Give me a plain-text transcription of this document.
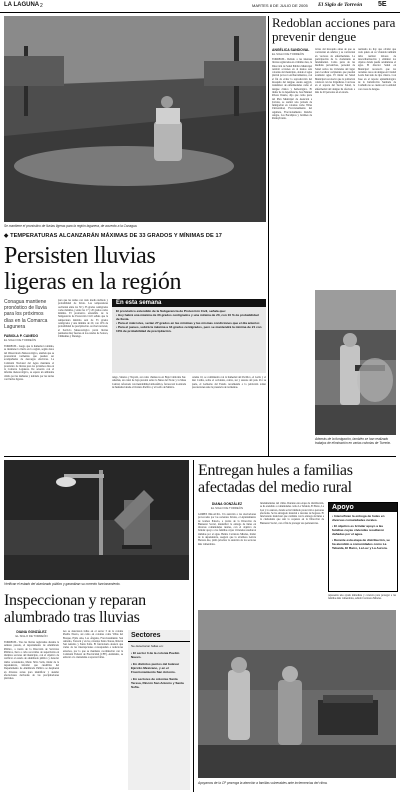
LA LAGUNA 2	MARTES 8 DE JULIO DE 2005 El Siglo de Torreón 5E
Se mantiene el pronóstico de lluvias ligeras para la región lagunera, de acuerdo a la Conagua.
◆ TEMPERATURAS ALCANZARÁN MÁXIMAS DE 33 GRADOS Y MÍNIMAS DE 17
Persisten lluvias
ligeras en la región
Conagua mantiene pronóstico de lluvia para los próximos días en la Comarca Lagunera
FABIOLA P. CANEDO
EL SIGLO DE TORREÓN
TORREÓN.- Luego que la humedad continúa, se mantiene la lluvia en la región, según datos del Observatorio Meteorológico, además que se pronostican tormentas que pueden ser acompañadas de descargas eléctricas. La Comisión Nacional del Agua mantiene el pronóstico de lluvias para los próximos días en la Comarca Lagunera. De acuerdo con el informe meteorológico, se espera un ambiente cálido por las mañanas y nublado por las tardes con lluvias ligeras.
para que las tardes con cielo medio nublado y probabilidad de lluvia. Las temperaturas oscilarían entre los 30 y 33 grados centígrados como máxima, y entre los 17 y 20 grados como mínima. El pronóstico extendido de la Subgerencia de Protección Civil señala que la temperatura máxima será de 33 grados centígrados y una mínima de 20, con 10% de probabilidad de precipitación. A nivel nacional, el Servicio Meteorológico prevé lluvias puntuales muy fuertes en los estados de Sonora, Chihuahua y Durango.
En esta semana
El pronóstico extendido de la Subgerencia de Protección Civil, señala que:
• Hoy habrá una máxima de 33 grados centígrados y una mínima de 20, con 10 % de probabilidad de lluvia.
• Para el miércoles, serían 27 grados en las mínimas y las mismas condiciones que el día anterior.
• Para el jueves, subirá la máxima a 34 grados centígrados, pero se mantendrá la mínima de 21 con 10% de probabilidad de precipitación.
rango, Sinaloa y Nayarit, así como chubascos en Baja California Sur. Además, un canal de baja presión sobre la Mesa del Norte y la Mesa Central, reforzado con inestabilidad atmosférica, favorecerá la entrada de humedad desde el Océano Pacífico y el Golfo de México.
oriente 10, se combinarán con la humedad del Pacífico, el Golfo y el mar Caribe, sobre el occidente, centro, sur y sureste del país. Por su parte, el Gobierno del Estado recomienda a la población tomar precauciones ante la presencia de tormentas.
Redoblan acciones para prevenir dengue
ANGÉLICA SANDOVAL
EL SIGLO DE TORREÓN
TORREÓN.- Debido a las intensas lluvias registradas en el último mes, la Dirección de Salud Pública Municipal redobló acciones en al menos seis colonias del municipio, donde el agua pluvial provocó encharcamientos, con el fin de evitar la reproducción del mosquito del dengue. Aedes aegypti, transmisor de enfermedades como el dengue clásico y hemorrágico. El titular de la dependencia, José Manuel Rivero Duarte, dijo que como parte del Plan Municipal de Atención a Lluvias, se realizó una jornada de fumigación en colonias como Villas Universidad, Fraccionamiento del Aguilera, Fraccionamiento Rancho Alegre, Los Eucaliptos y Jardines de Pennsylvania.
larvas del mosquito antes de que se conviertan en adultos y se conviertan en vectores de enfermedades. La participación de la ciudadanía es fundamental. Como parte de las medidas preventivas, personal de Salud revisa las viviendas del lugar para localizar recipientes que puedan acumular agua. El titular de Salud Municipal reconoció que la población colaboró con los brigadistas. Con base en el reporte del Sector Salud, la enfermedad del dengue ha afectado a más de 20 personas en el estado.
realizada no hay que olvidar que cada quien en su vivienda también debe realizar labores de descacharrización y eliminar los objetos donde pueda acumularse el agua. El director Salud en Municipal reconoció que los recientes casos de dengue en Ciudad Lerdo han sido de tipo clásico. Con base en el reporte epidemiológico de la Jurisdicción Sanitaria de Coahuila no se cuenta en la entidad con casos de dengue.
Además de la fumigación, también se han realizado trabajos de eliminación en varias colonias de Torreón.
Verifican el estado del alumbrado público y garantizan su correcto funcionamiento.
Inspeccionan y reparan
alumbrado tras lluvias
DIANA GONZÁLEZ
EL SIGLO DE TORREÓN
TORREÓN.- Tras las lluvias registradas durante la semana pasada, el departamento de Alumbrado Público, a través de la Dirección de Servicios Públicos, lleva a cabo recorridos de supervisión en distintos sectores del municipio, con el objetivo de verificar el estado de alumbrado público y detectar daños ocasionados. Mario Silva Solís, titular de la dependencia, informó que cuadrillas del Departamento de Alumbrado Público se desplazan en diversas zonas para identificar y atender afectaciones derivadas de las precipitaciones pluviales.
nes se detectaron fallas en el sector 3 de la colonia Pueblo Nuevo, así como en colonias como Villas del Bosque, Ejido Ana, Los Ángeles, Fraccionamiento San Antonio, Torreón y en las colonias Santa Teresa, Rincón San Antonio y Santa Sofía. El funcionario destacó que varias de las interrupciones corresponden a reductores externos, por lo que se mantiene coordinación con la Comisión Federal de Electricidad (CFE). Asimismo, se exhortó a la ciudadanía a reportar fallas.
Sectores
Se detectaron fallas en:
• El sector 3 de la colonia Pueblo Nuevo.
• En distintos puntos del bulevar Ejército Mexicano, y en el Fraccionamiento San Antonio.
• En sectores de colonias Santa Teresa, Rincón San Antonio y Santa Sofía.
Entregan hules a familias
afectadas del medio rural
DIANA GONZÁLEZ
EL SIGLO DE TORREÓN
GÓMEZ PALACIO.- Un atención a las afectaciones provocadas por las recientes lluvias, el Ayuntamiento de Gómez Palacio, a través de la Dirección de Bienestar Social, intensificó la entrega de hules en diversas comunidades rurales, con el objetivo de brindar apoyo a las familias cuyas viviendas resultaron dañadas por el agua. Benito Carrizoza Mireles, titular de la dependencia, aseguró que la alcaldesa Leticia Herrera Ale, pidió priorizar la atención de los sectores más vulnerables.
fundamentales del clima. Durante esta etapa de distribución, se ha atendido a comunidades como La Tebaida, El Barro, La Luz y La Aurora, donde se ha brindado protección a personas afectadas. Se ha entregado material a decenas de hogares. El funcionario mencionó que continúa con la entrega de hules a la ciudadanía que aún lo requiera en la Dirección de Bienestar Social, con el fin de proteger sus pertenencias.
Apoyo
• Intensifican la entrega de hules en diversas comunidades rurales.
• El objetivo es brindar apoyo a las familias cuyas viviendas resultaron dañadas por el agua.
• Durante esta etapa de distribución, se ha atendido a comunidades como La Tebaida, El Barro, La Luz y La Aurora.
representa una ayuda inmediata y concreta para proteger a las familias más vulnerables, señaló Carrizoza Mireles.
Apoyamos de la CP prorroga la atención a familias vulnerables ante inclemencias del clima.
